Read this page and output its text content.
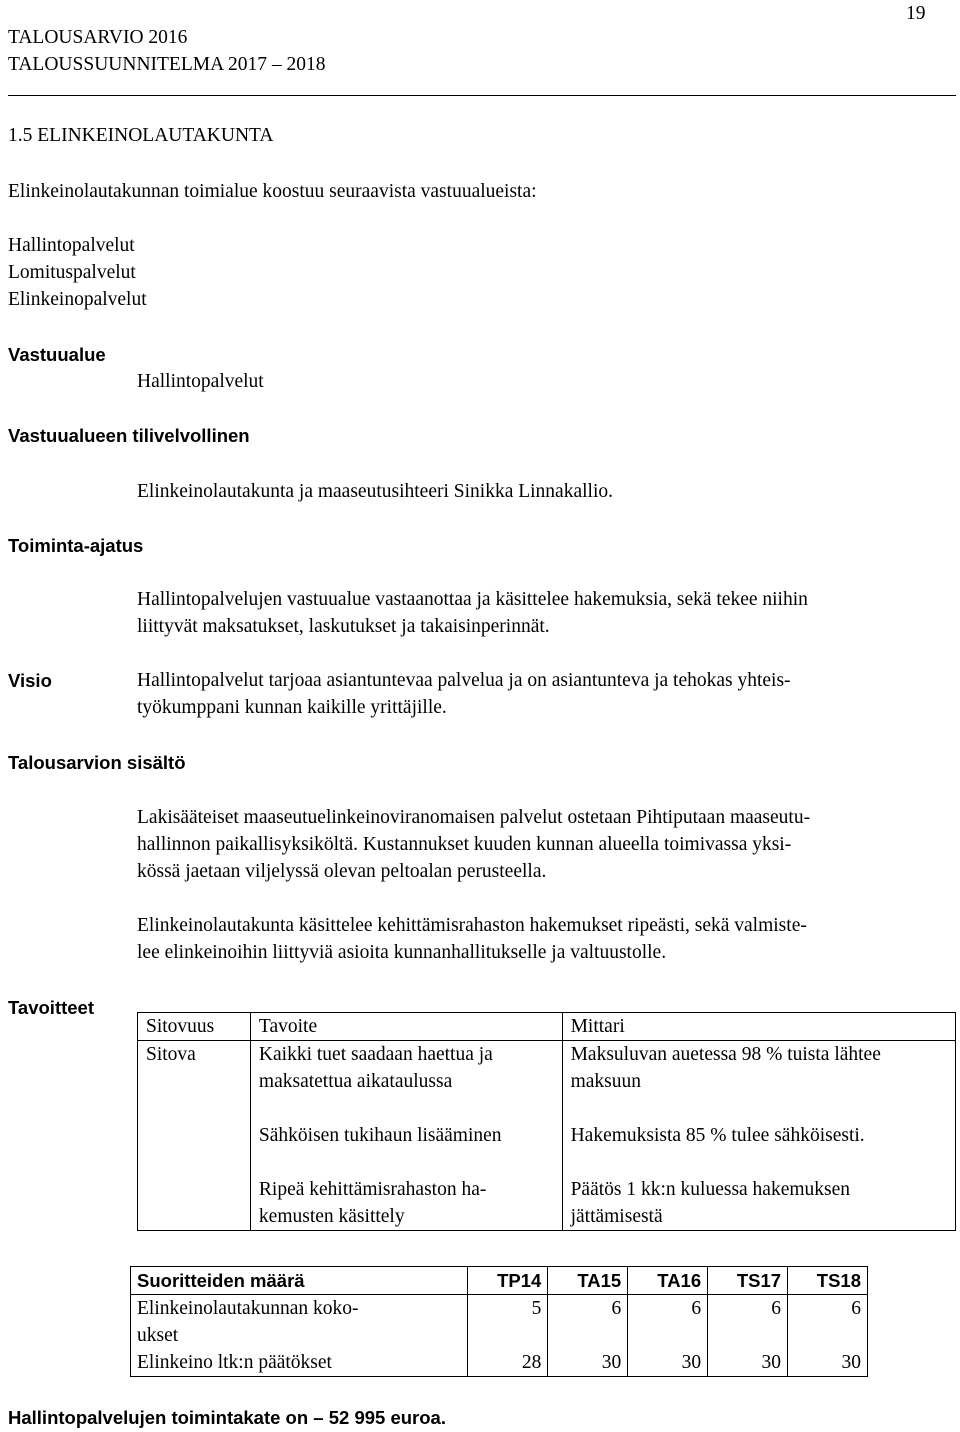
TALOUSARVIO 2016
TALOUSSUUNNITELMA 2017 – 2018
19
1.5 ELINKEINOLAUTAKUNTA
Elinkeinolautakunnan toimialue koostuu seuraavista vastuualueista:
Hallintopalvelut
Lomituspalvelut
Elinkeinopalvelut
Vastuualue
Hallintopalvelut
Vastuualueen tilivelvollinen
Elinkeinolautakunta ja maaseutusihteeri Sinikka Linnakallio.
Toiminta-ajatus
Hallintopalvelujen vastuualue vastaanottaa ja käsittelee hakemuksia, sekä tekee niihin
liittyvät maksatukset, laskutukset ja takaisinperinnät.
Visio	Hallintopalvelut tarjoaa asiantuntevaa palvelua ja on asiantunteva ja tehokas yhteis-
työkumppani kunnan kaikille yrittäjille.
Talousarvion sisältö
Lakisääteiset maaseutuelinkeinoviranomaisen palvelut ostetaan Pihtiputaan maaseutu-
hallinnon paikallisyksiköltä. Kustannukset kuuden kunnan alueella toimivassa yksi-
kössä jaetaan viljelyssä olevan peltoalan perusteella.
Elinkeinolautakunta käsittelee kehittämisrahaston hakemukset ripeästi, sekä valmiste-
lee elinkeinoihin liittyviä asioita kunnanhallitukselle ja valtuustolle.
Tavoitteet
Sitovuus	Tavoite	Mittari
Sitova	Kaikki tuet saadaan haettua ja
maksatettua aikataulussa
Sähköisen tukihaun lisääminen
Ripeä kehittämisrahaston ha-
kemusten käsittely	Maksuluvan auetessa 98 % tuista lähtee
maksuun
Hakemuksista 85 % tulee sähköisesti.
Päätös 1 kk:n kuluessa hakemuksen
jättämisestä
Suoritteiden määrä	TP14	TA15	TA16	TS17	TS18

Elinkeinolautakunnan koko-
ukset	5	6	6	6	6
Elinkeino ltk:n päätökset	28	30	30	30	30
Hallintopalvelujen toimintakate on – 52 995 euroa.
